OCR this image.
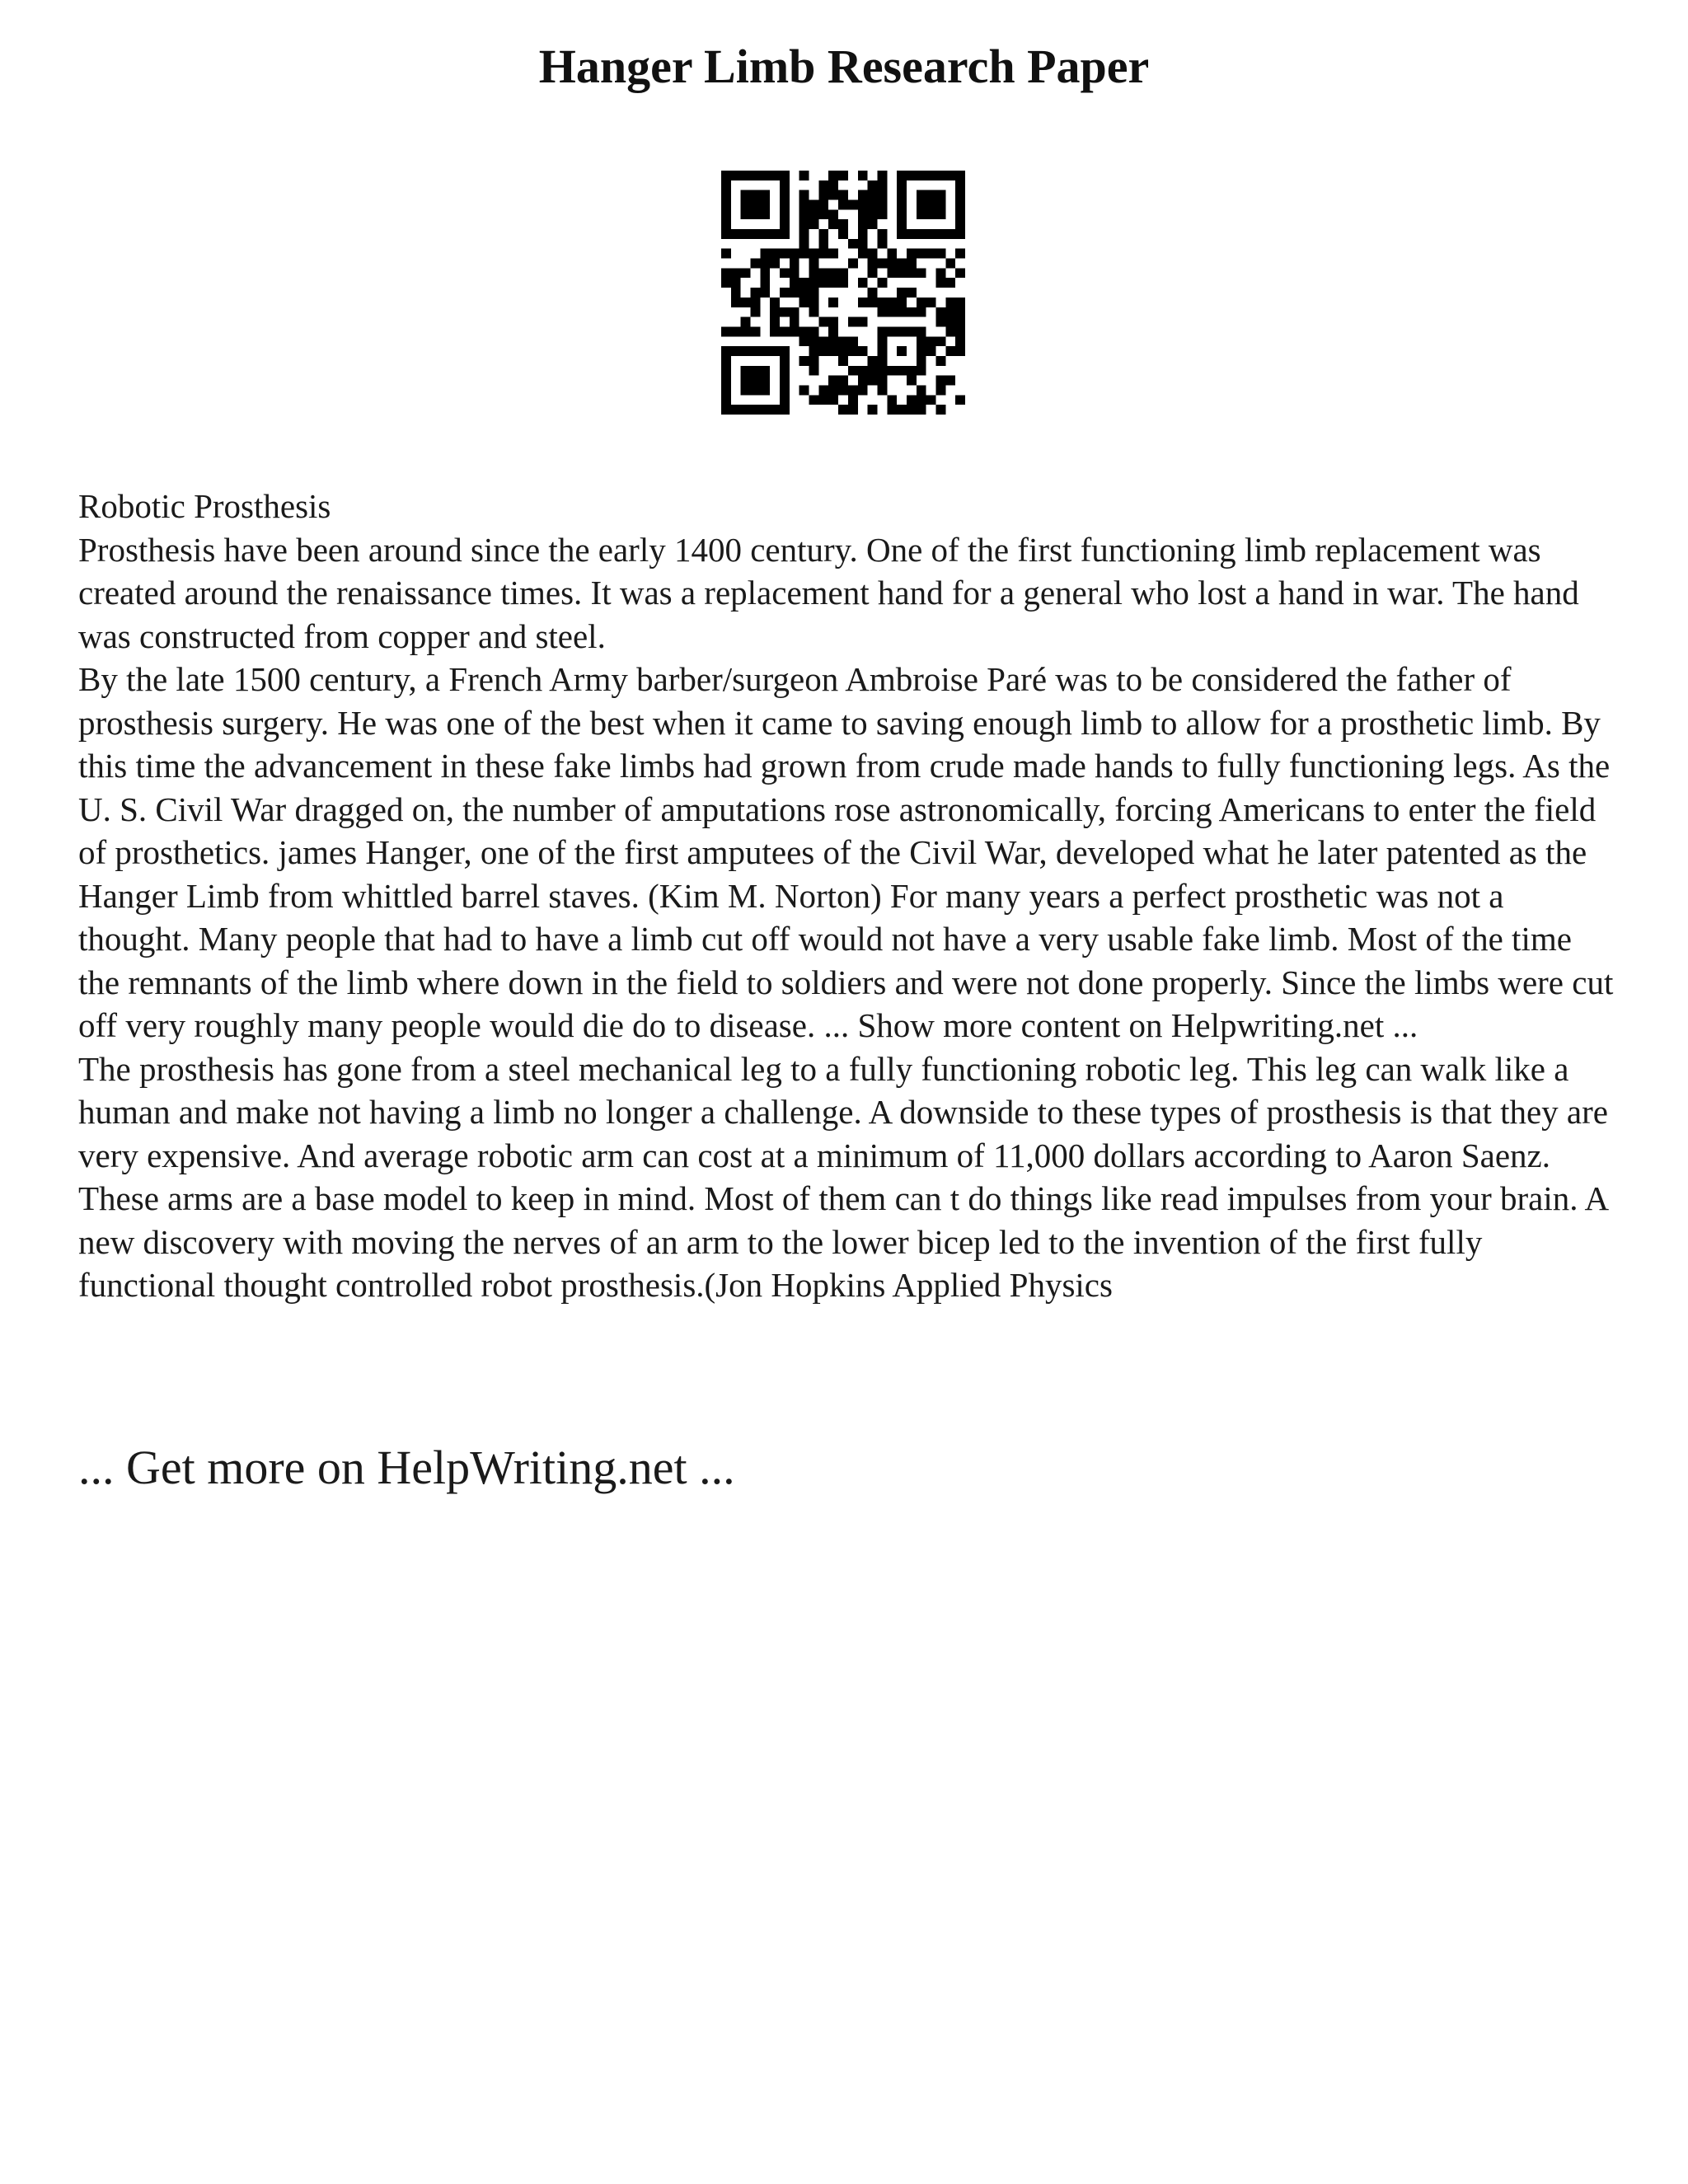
Hanger Limb Research Paper

Robotic Prosthesis

Prosthesis have been around since the early 1400 century. One of the first functioning limb replacement was created around the renaissance times. It was a replacement hand for a general who lost a hand in war. The hand was constructed from copper and steel.

By the late 1500 century, a French Army barber/surgeon Ambroise Paré was to be considered the father of prosthesis surgery. He was one of the best when it came to saving enough limb to allow for a prosthetic limb. By this time the advancement in these fake limbs had grown from crude made hands to fully functioning legs. As the U. S. Civil War dragged on, the number of amputations rose astronomically, forcing Americans to enter the field of prosthetics. james Hanger, one of the first amputees of the Civil War, developed what he later patented as the Hanger Limb from whittled barrel staves. (Kim M. Norton) For many years a perfect prosthetic was not a thought. Many people that had to have a limb cut off would not have a very usable fake limb. Most of the time the remnants of the limb where down in the field to soldiers and were not done properly. Since the limbs were cut off very roughly many people would die do to disease. ... Show more content on Helpwriting.net ...

The prosthesis has gone from a steel mechanical leg to a fully functioning robotic leg. This leg can walk like a human and make not having a limb no longer a challenge. A downside to these types of prosthesis is that they are very expensive. And average robotic arm can cost at a minimum of 11,000 dollars according to Aaron Saenz. These arms are a base model to keep in mind. Most of them can t do things like read impulses from your brain. A new discovery with moving the nerves of an arm to the lower bicep led to the invention of the first fully functional thought controlled robot prosthesis.(Jon Hopkins Applied Physics

... Get more on HelpWriting.net ...
